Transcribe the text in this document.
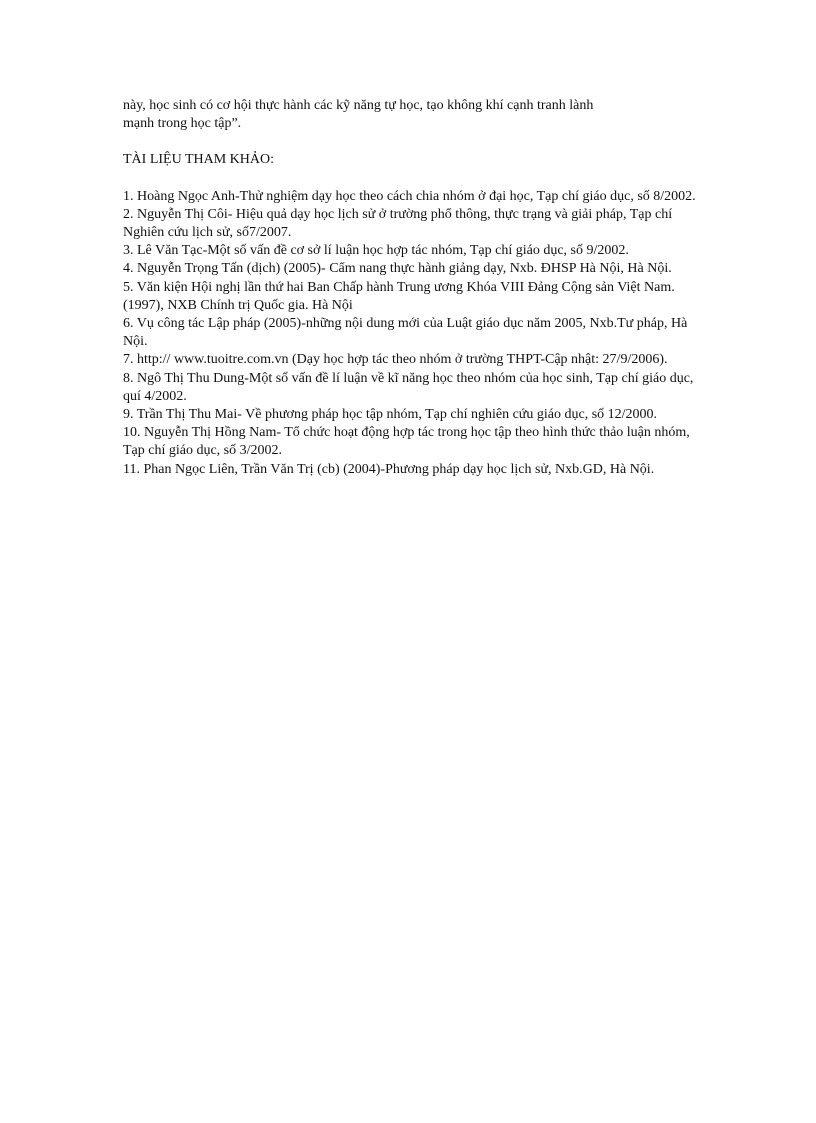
này, học sinh có cơ hội thực hành các kỹ năng tự học, tạo không khí cạnh tranh lành
mạnh trong học tập”.

TÀI LIỆU THAM KHẢO:
1. Hoàng Ngọc Anh-Thử nghiệm dạy học theo cách chia nhóm ở đại học, Tạp chí giáo dục, số 8/2002.
2. Nguyễn Thị Côi- Hiệu quả dạy học lịch sử ở trường phổ thông, thực trạng và giải pháp, Tạp chí Nghiên cứu lịch sử, số7/2007.
3. Lê Văn Tạc-Một số vấn đề cơ sở lí luận học hợp tác nhóm, Tạp chí giáo dục, số 9/2002.
4. Nguyễn Trọng Tấn (dịch) (2005)- Cẩm nang thực hành giảng dạy, Nxb. ĐHSP Hà Nội, Hà Nội.
5. Văn kiện Hội nghị lần thứ hai Ban Chấp hành Trung ương Khóa VIII Đảng Cộng sản Việt Nam.(1997), NXB Chính trị Quốc gia. Hà Nội
6. Vụ công tác Lập pháp (2005)-những nội dung mới của Luật giáo dục năm 2005, Nxb.Tư pháp, Hà Nội.
7. http:// www.tuoitre.com.vn (Dạy học hợp tác theo nhóm ở trường THPT-Cập nhật: 27/9/2006).
8. Ngô Thị Thu Dung-Một số vấn đề lí luận về kĩ năng học theo nhóm của học sinh, Tạp chí giáo dục, quí 4/2002.
9. Trần Thị Thu Mai- Về phương pháp học tập nhóm, Tạp chí nghiên cứu giáo dục, số 12/2000.
10. Nguyễn Thị Hồng Nam- Tổ chức hoạt động hợp tác trong học tập theo hình thức thảo luận nhóm, Tạp chí giáo dục, số 3/2002.
11. Phan Ngọc Liên, Trần Văn Trị (cb) (2004)-Phương pháp dạy học lịch sử, Nxb.GD, Hà Nội.
